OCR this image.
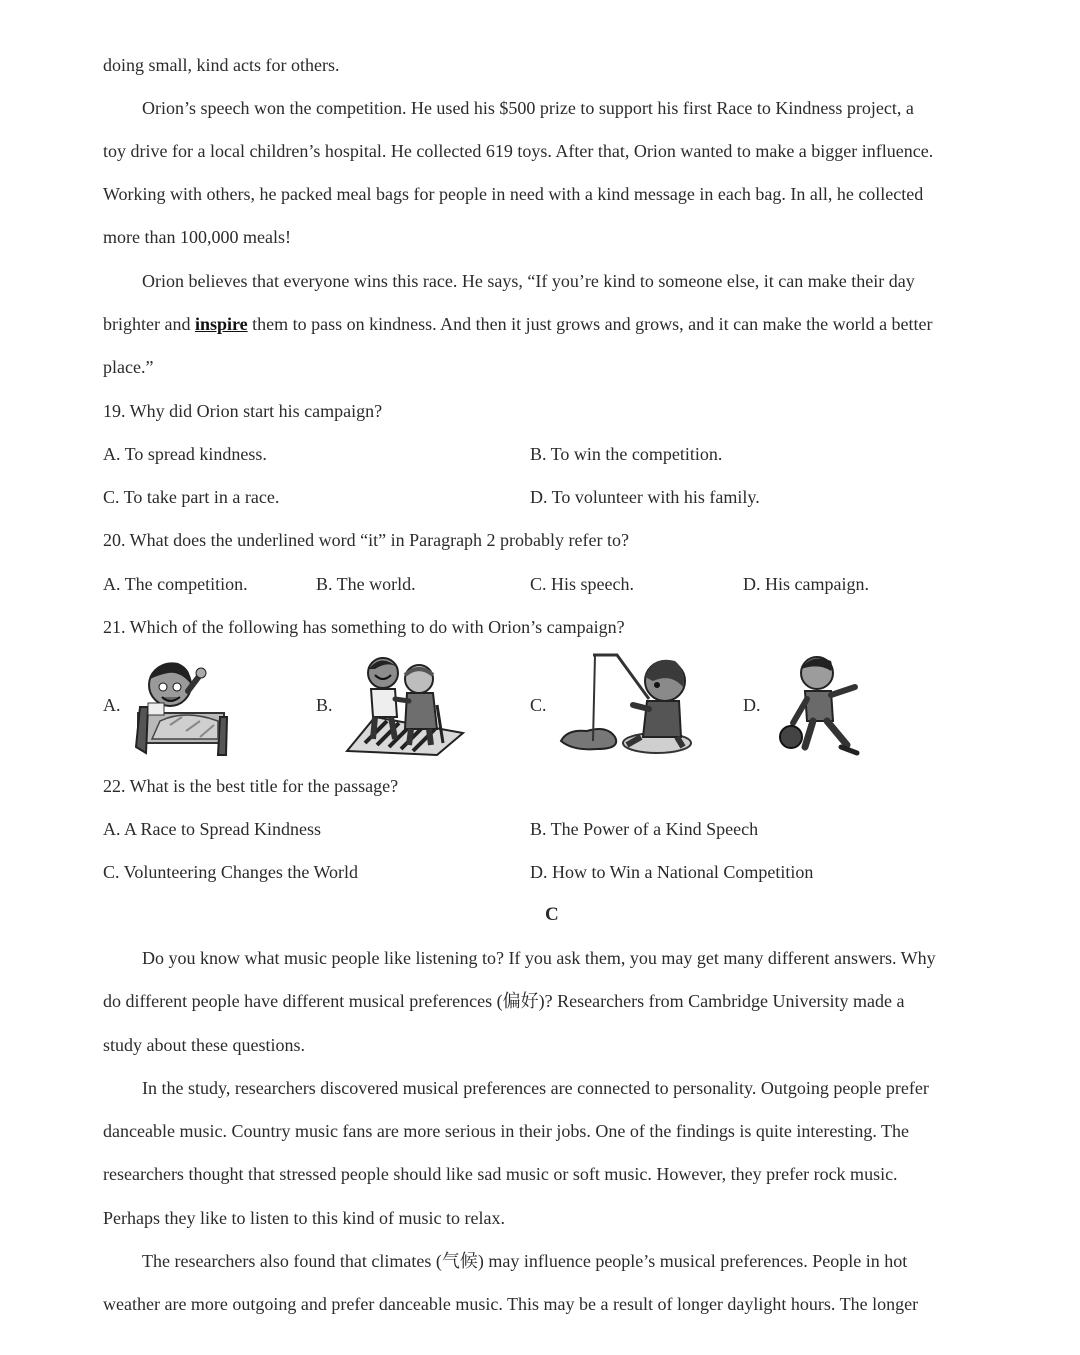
doing small, kind acts for others.
Orion’s speech won the competition. He used his $500 prize to support his first Race to Kindness project, a
toy drive for a local children’s hospital. He collected 619 toys. After that, Orion wanted to make a bigger influence.
Working with others, he packed meal bags for people in need with a kind message in each bag. In all, he collected
more than 100,000 meals!
Orion believes that everyone wins this race. He says, “If you’re kind to someone else, it can make their day
brighter and inspire them to pass on kindness. And then it just grows and grows, and it can make the world a better
place.”
19. Why did Orion start his campaign?
A. To spread kindness.	B. To win the competition.
C. To take part in a race.	D. To volunteer with his family.
20. What does the underlined word “it” in Paragraph 2 probably refer to?
A. The competition.	B. The world.	C. His speech.	D. His campaign.
21. Which of the following has something to do with Orion’s campaign?
A.	B.	C.	D.
22. What is the best title for the passage?
A. A Race to Spread Kindness	B. The Power of a Kind Speech
C. Volunteering Changes the World	D. How to Win a National Competition
C
Do you know what music people like listening to? If you ask them, you may get many different answers. Why
do different people have different musical preferences (偏好)? Researchers from Cambridge University made a
study about these questions.
In the study, researchers discovered musical preferences are connected to personality. Outgoing people prefer
danceable music. Country music fans are more serious in their jobs. One of the findings is quite interesting. The
researchers thought that stressed people should like sad music or soft music. However, they prefer rock music.
Perhaps they like to listen to this kind of music to relax.
The researchers also found that climates (气候) may influence people’s musical preferences. People in hot
weather are more outgoing and prefer danceable music. This may be a result of longer daylight hours. The longer
